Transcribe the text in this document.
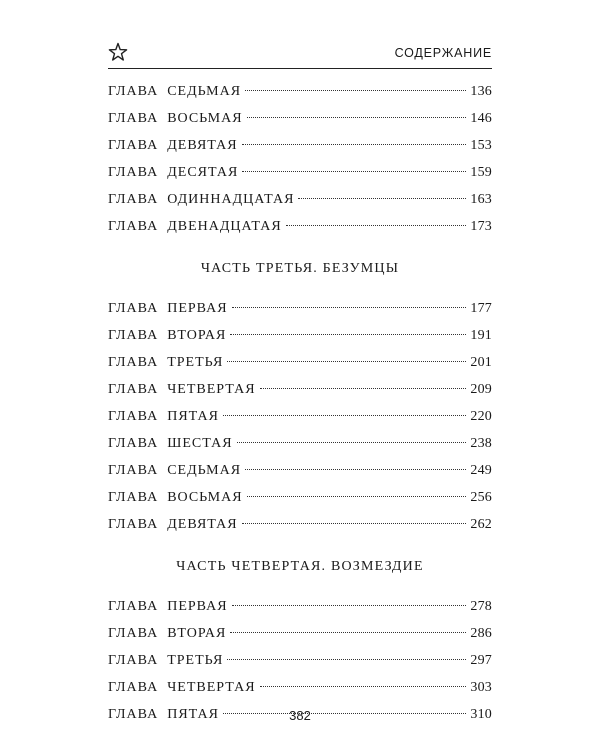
СОДЕРЖАНИЕ
ГЛАВА  СЕДЬМАЯ	136
ГЛАВА  ВОСЬМАЯ	146
ГЛАВА  ДЕВЯТАЯ	153
ГЛАВА  ДЕСЯТАЯ	159
ГЛАВА  ОДИННАДЦАТАЯ	163
ГЛАВА  ДВЕНАДЦАТАЯ	173
ЧАСТЬ ТРЕТЬЯ. БЕЗУМЦЫ
ГЛАВА  ПЕРВАЯ	177
ГЛАВА  ВТОРАЯ	191
ГЛАВА  ТРЕТЬЯ	201
ГЛАВА  ЧЕТВЕРТАЯ	209
ГЛАВА  ПЯТАЯ	220
ГЛАВА  ШЕСТАЯ	238
ГЛАВА  СЕДЬМАЯ	249
ГЛАВА  ВОСЬМАЯ	256
ГЛАВА  ДЕВЯТАЯ	262
ЧАСТЬ ЧЕТВЕРТАЯ. ВОЗМЕЗДИЕ
ГЛАВА  ПЕРВАЯ	278
ГЛАВА  ВТОРАЯ	286
ГЛАВА  ТРЕТЬЯ	297
ГЛАВА  ЧЕТВЕРТАЯ	303
ГЛАВА  ПЯТАЯ	310
382
